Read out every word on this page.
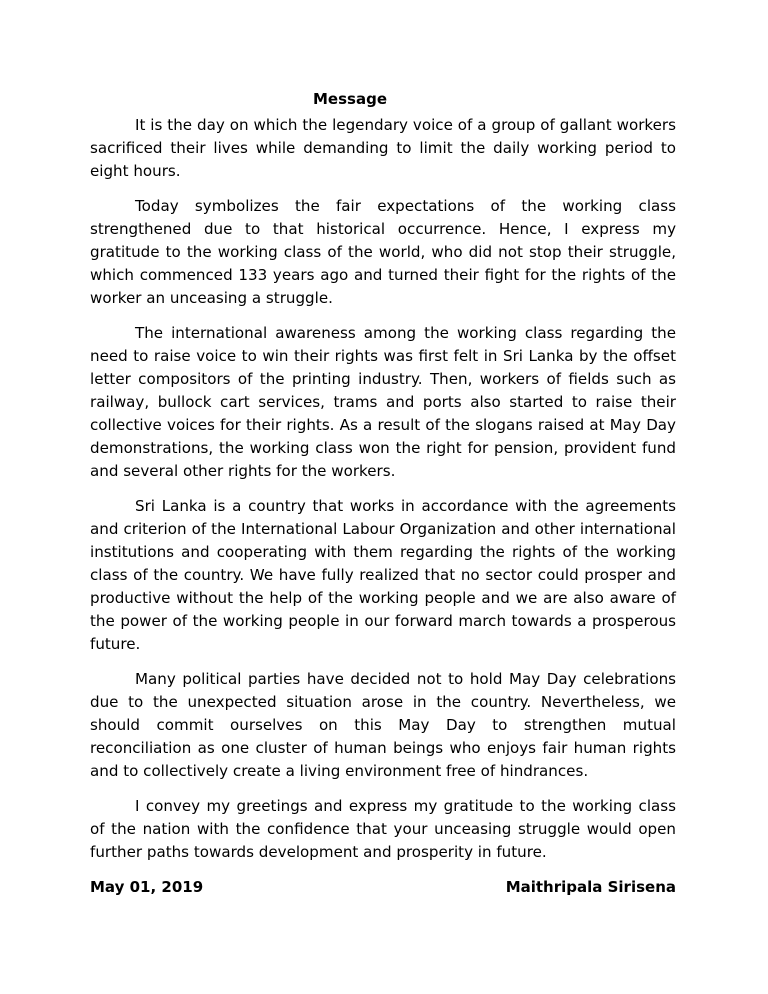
Message

It is the day on which the legendary voice of a group of gallant workers sacrificed their lives while demanding to limit the daily working period to eight hours.

Today symbolizes the fair expectations of the working class strengthened due to that historical occurrence. Hence, I express my gratitude to the working class of the world, who did not stop their struggle, which commenced 133 years ago and turned their fight for the rights of the worker an unceasing a struggle.

The international awareness among the working class regarding the need to raise voice to win their rights was first felt in Sri Lanka by the offset letter compositors of the printing industry. Then, workers of fields such as railway, bullock cart services, trams and ports also started to raise their collective voices for their rights. As a result of the slogans raised at May Day demonstrations, the working class won the right for pension, provident fund and several other rights for the workers.

Sri Lanka is a country that works in accordance with the agreements and criterion of the International Labour Organization and other international institutions and cooperating with them regarding the rights of the working class of the country. We have fully realized that no sector could prosper and productive without the help of the working people and we are also aware of the power of the working people in our forward march towards a prosperous future.

Many political parties have decided not to hold May Day celebrations due to the unexpected situation arose in the country. Nevertheless, we should commit ourselves on this May Day to strengthen mutual reconciliation as one cluster of human beings who enjoys fair human rights and to collectively create a living environment free of hindrances.

I convey my greetings and express my gratitude to the working class of the nation with the confidence that your unceasing struggle would open further paths towards development and prosperity in future.

May 01, 2019	Maithripala Sirisena
